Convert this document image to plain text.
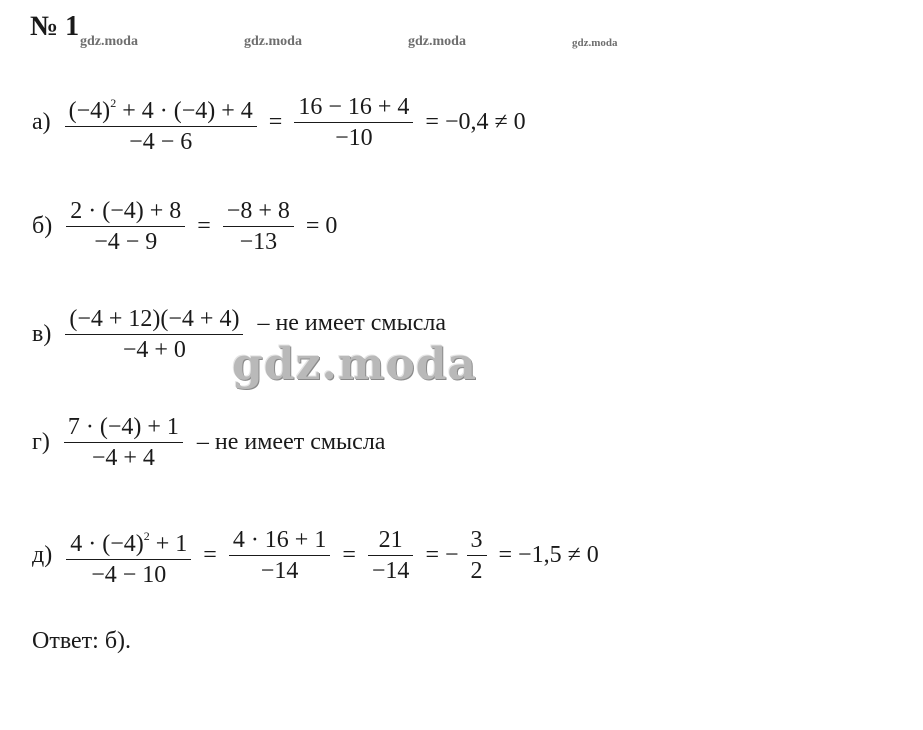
№ 1 gdz.moda	gdz.moda	gdz.moda	gdz.moda
$а) \frac{(-4)^2 + 4 \cdot (-4) + 4}{-4 - 6} = \frac{16 - 16 + 4}{-10} = -0,4 \ne 0$
$б) \frac{2 \cdot (-4) + 8}{-4 - 9} = \frac{-8 + 8}{-13} = 0$
$в) \frac{(-4 + 12)(-4 + 4)}{-4 + 0}$ – не имеет смысла
gdz.moda
$г) \frac{7 \cdot (-4) + 1}{-4 + 4}$ – не имеет смысла
$д) \frac{4 \cdot (-4)^2 + 1}{-4 - 10} = \frac{4 \cdot 16 + 1}{-14} = \frac{21}{-14}$ = − $\frac{3}{2} = -1,5 \ne 0$
Ответ: б).
